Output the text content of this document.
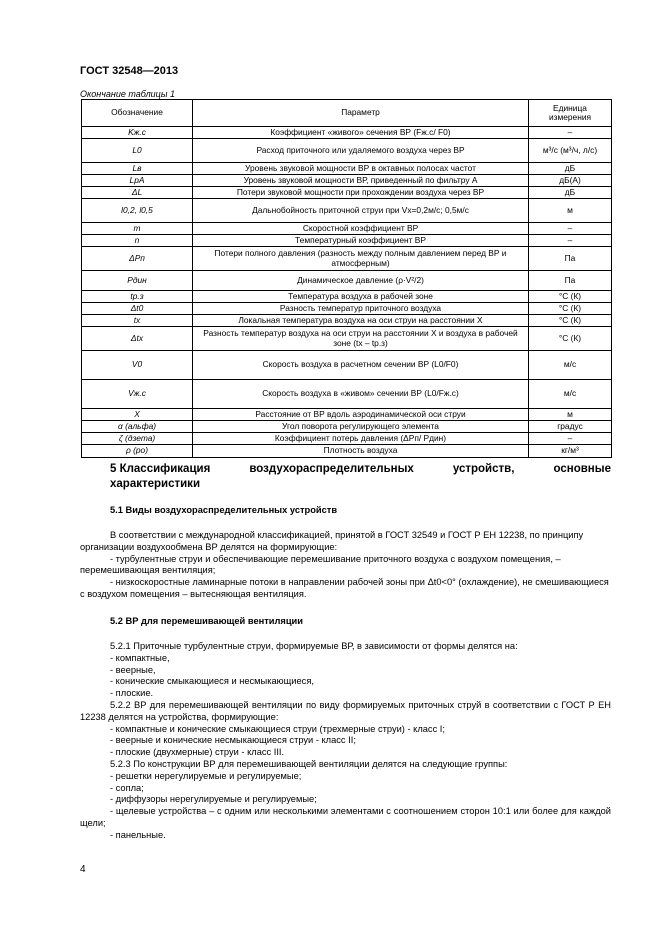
ГОСТ 32548—2013
Окончание таблицы 1
Обозначение	Параметр	Единица измерения
Kж.с	Коэффициент «живого» сечения ВР (Fж.с/ F0)	–
L0	Расход приточного или удаляемого воздуха через ВР	м³/с (м³/ч, л/с)
Lв	Уровень звуковой мощности ВР в октавных полосах частот	дБ
LрА	Уровень звуковой мощности ВР, приведенный по фильтру А	дБ(А)
ΔL	Потери звуковой мощности при прохождении воздуха через ВР	дБ
l0,2, l0,5	Дальнобойность приточной струи при Vх=0,2м/с; 0,5м/с	м
m	Скоростной коэффициент ВР	–
n	Температурный коэффициент ВР	–
ΔPп	Потери полного давления (разность между полным давлением перед ВР и атмосферным)	Па
Pдин	Динамическое давление (ρ·V²/2)	Па
tр.з	Температура воздуха в рабочей зоне	°С (К)
Δt0	Разность температур приточного воздуха	°С (К)
tх	Локальная температура воздуха на оси струи на расстоянии X	°С (К)
Δtх	Разность температур воздуха на оси струи на расстоянии X и воздуха в рабочей зоне (tх – tр.з)	°С (К)
V0	Скорость воздуха в расчетном сечении ВР (L0/F0)	м/с
Vж.с	Скорость воздуха в «живом» сечении ВР (L0/Fж.с)	м/с
X	Расстояние от ВР вдоль аэродинамической оси струи	м
α (альфа)	Угол поворота регулирующего элемента	градус
ζ (дзета)	Коэффициент потерь давления (ΔPп/ Pдин)	–
ρ (ро)	Плотность воздуха	кг/м³
5 Классификация	воздухораспределительных	устройств,	основные
характеристики
5.1 Виды воздухораспределительных устройств
В соответствии с международной классификацией, принятой в ГОСТ 32549 и ГОСТ Р ЕН 12238, по принципу организации воздухообмена ВР делятся на формирующие:
- турбулентные струи и обеспечивающие перемешивание приточного воздуха с воздухом помещения, – перемешивающая вентиляция;
- низкоскоростные ламинарные потоки в направлении рабочей зоны при Δt0<0° (охлаждение), не смешивающиеся с воздухом помещения – вытесняющая вентиляция.
5.2 ВР для перемешивающей вентиляции
5.2.1 Приточные турбулентные струи, формируемые ВР, в зависимости от формы делятся на:
- компактные,
- веерные,
- конические смыкающиеся и несмыкающиеся,
- плоские.
5.2.2 ВР для перемешивающей вентиляции по виду формируемых приточных струй в соответствии с ГОСТ Р ЕН 12238 делятся на устройства, формирующие:
- компактные и конические смыкающиеся струи (трехмерные струи) - класс I;
- веерные и конические несмыкающиеся струи - класс II;
- плоские (двухмерные) струи - класс III.
5.2.3 По конструкции ВР для перемешивающей вентиляции делятся на следующие группы:
- решетки нерегулируемые и регулируемые;
- сопла;
- диффузоры нерегулируемые и регулируемые;
- щелевые устройства – с одним или несколькими элементами с соотношением сторон 10:1 или более для каждой щели;
- панельные.
4
